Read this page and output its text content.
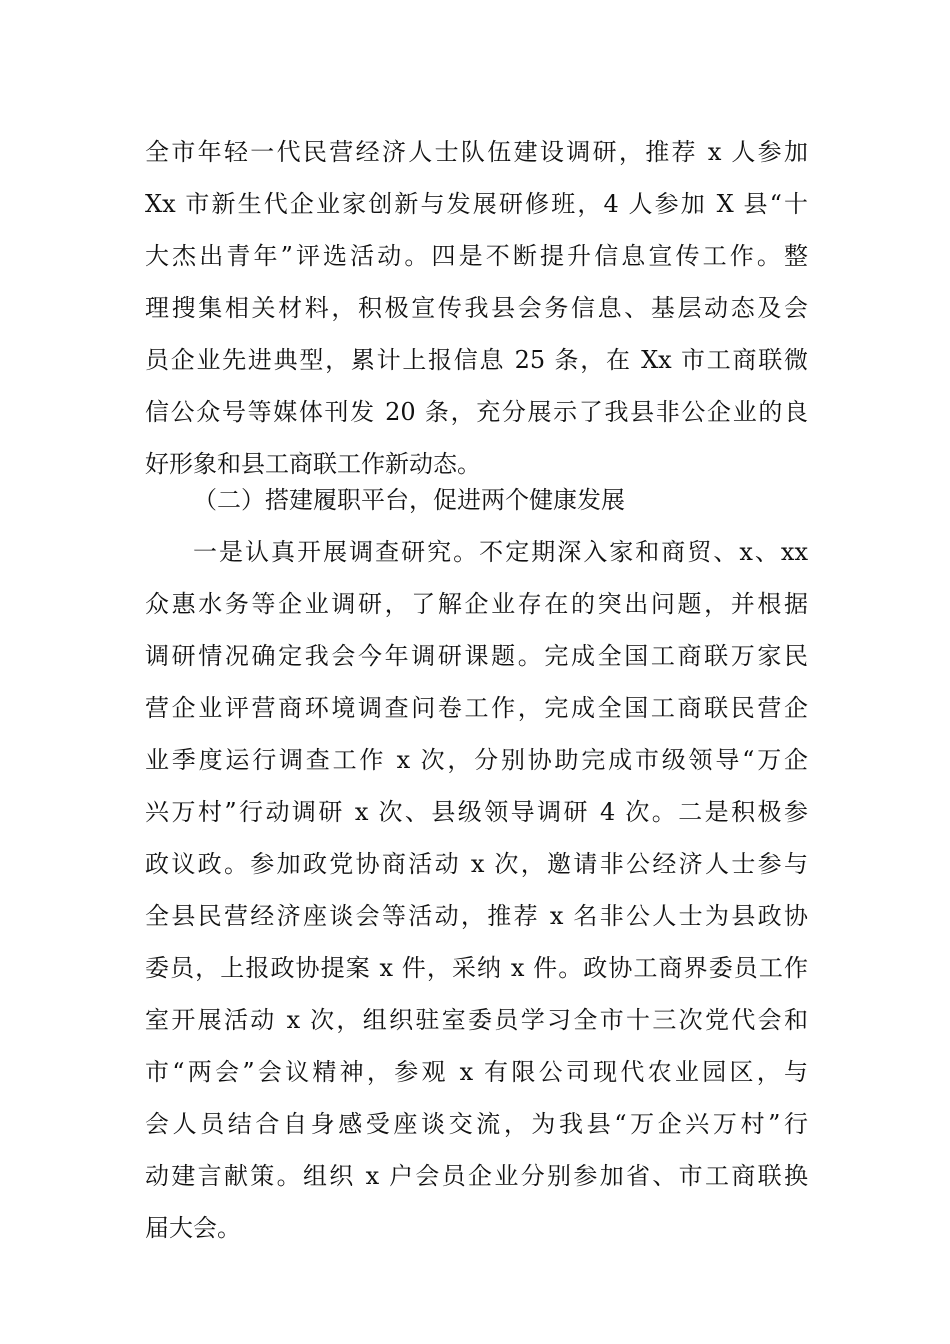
全市年轻一代民营经济人士队伍建设调研，推荐 x 人参加
Xx 市新生代企业家创新与发展研修班，4 人参加 X 县“十
大杰出青年”评选活动。四是不断提升信息宣传工作。整
理搜集相关材料，积极宣传我县会务信息、基层动态及会
员企业先进典型，累计上报信息 25 条，在 Xx 市工商联微
信公众号等媒体刊发 20 条，充分展示了我县非公企业的良
好形象和县工商联工作新动态。
（二）搭建履职平台，促进两个健康发展
一是认真开展调查研究。不定期深入家和商贸、x、xx
众惠水务等企业调研，了解企业存在的突出问题，并根据
调研情况确定我会今年调研课题。完成全国工商联万家民
营企业评营商环境调查问卷工作，完成全国工商联民营企
业季度运行调查工作 x 次，分别协助完成市级领导“万企
兴万村”行动调研 x 次、县级领导调研 4 次。二是积极参
政议政。参加政党协商活动 x 次，邀请非公经济人士参与
全县民营经济座谈会等活动，推荐 x 名非公人士为县政协
委员，上报政协提案 x 件，采纳 x 件。政协工商界委员工作
室开展活动 x 次，组织驻室委员学习全市十三次党代会和
市“两会”会议精神，参观 x 有限公司现代农业园区，与
会人员结合自身感受座谈交流，为我县“万企兴万村”行
动建言献策。组织 x 户会员企业分别参加省、市工商联换
届大会。
